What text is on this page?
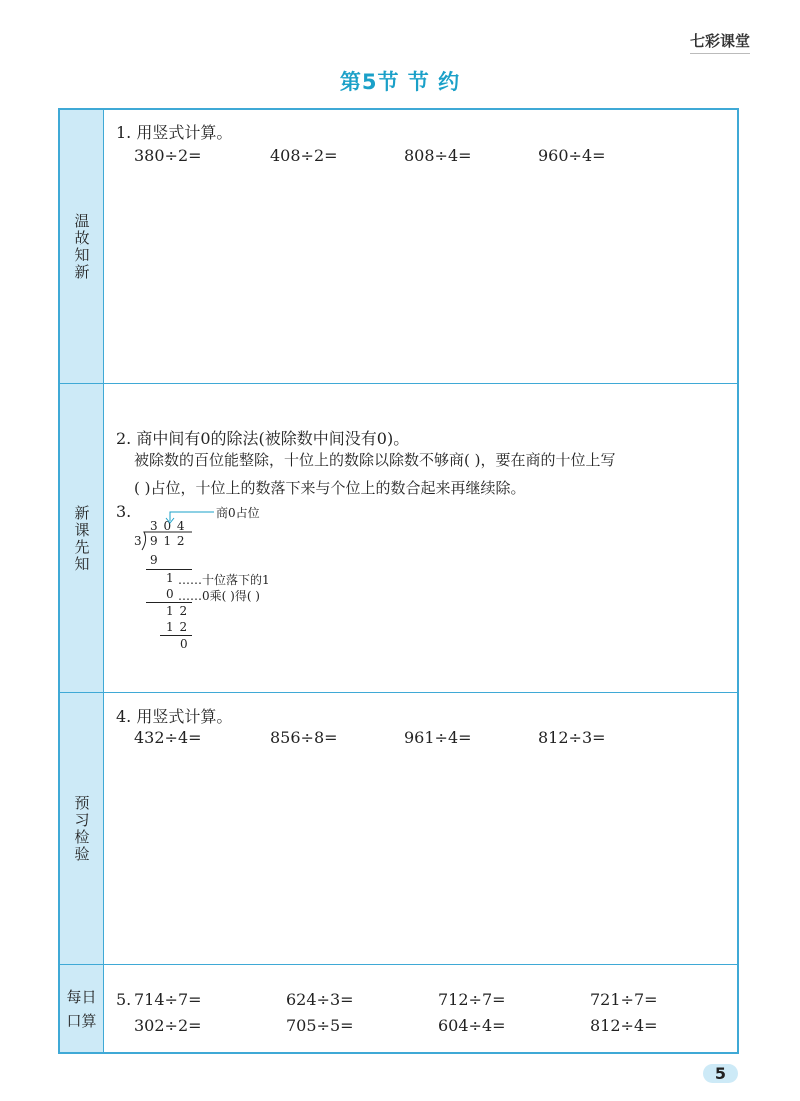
七彩课堂
第5节 节 约
温故知新
新课先知
预习检验
每日
口算
1. 用竖式计算。
380÷2=	408÷2=	808÷4=	960÷4=
2. 商中间有0的除法(被除数中间没有0)。
被除数的百位能整除，十位上的数除以除数不够商( )，要在商的十位上写
( )占位，十位上的数落下来与个位上的数合起来再继续除。
3.
3 0 4
3 9 1 2
9
1
0
1 2
1 2
0
商0占位
……十位落下的1
……0乘( )得( )
4. 用竖式计算。
432÷4=	856÷8=	961÷4=	812÷3=
5. 714÷7=	624÷3=	712÷7=	721÷7=
302÷2=	705÷5=	604÷4=	812÷4=
5
